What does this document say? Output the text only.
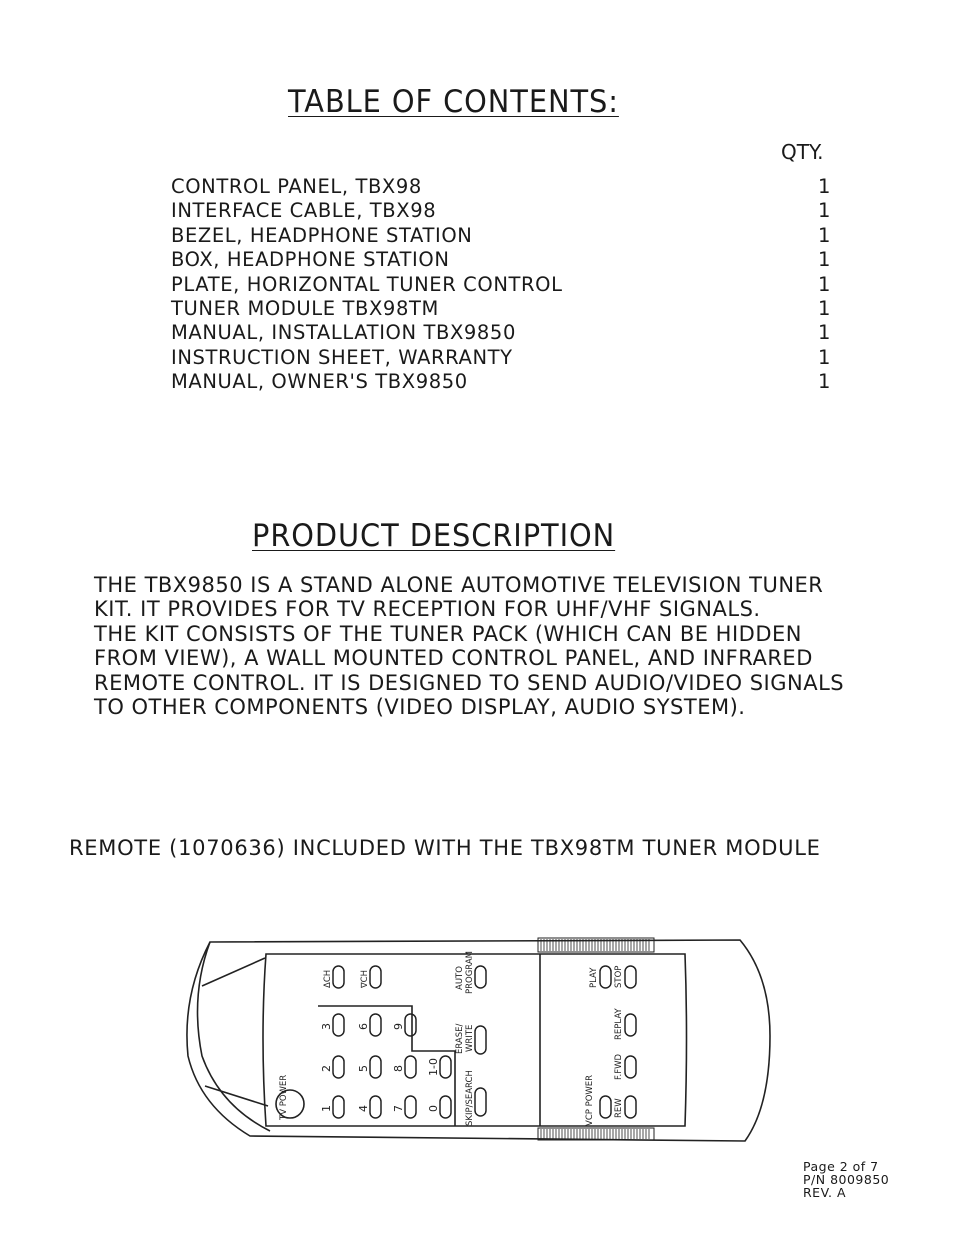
TABLE OF CONTENTS:
QTY.
CONTROL PANEL, TBX98	1
INTERFACE CABLE, TBX98	1
BEZEL, HEADPHONE STATION	1
BOX, HEADPHONE STATION	1
PLATE, HORIZONTAL TUNER CONTROL	1
TUNER MODULE TBX98TM	1
MANUAL, INSTALLATION TBX9850	1
INSTRUCTION SHEET, WARRANTY	1
MANUAL, OWNER'S TBX9850	1
PRODUCT DESCRIPTION
THE TBX9850 IS A STAND ALONE AUTOMOTIVE TELEVISION TUNER
KIT. IT PROVIDES FOR TV RECEPTION FOR UHF/VHF SIGNALS.
THE KIT CONSISTS OF THE TUNER PACK (WHICH CAN BE HIDDEN
FROM VIEW), A WALL MOUNTED CONTROL PANEL, AND INFRARED
REMOTE CONTROL. IT IS DESIGNED TO SEND AUDIO/VIDEO SIGNALS
TO OTHER COMPONENTS (VIDEO DISPLAY, AUDIO SYSTEM).
REMOTE (1070636) INCLUDED WITH THE TBX98TM TUNER MODULE
ΔCH	∇CH	AUTO PROGRAM
ERASE/ WRITE
SKIP/SEARCH
TV POWER
PLAY STOP
REPLAY
F.FWD
VCP POWER REW
3 6 9
2 5 8 1-0
1 4 7 0
Page 2 of 7
P/N 8009850
REV. A
